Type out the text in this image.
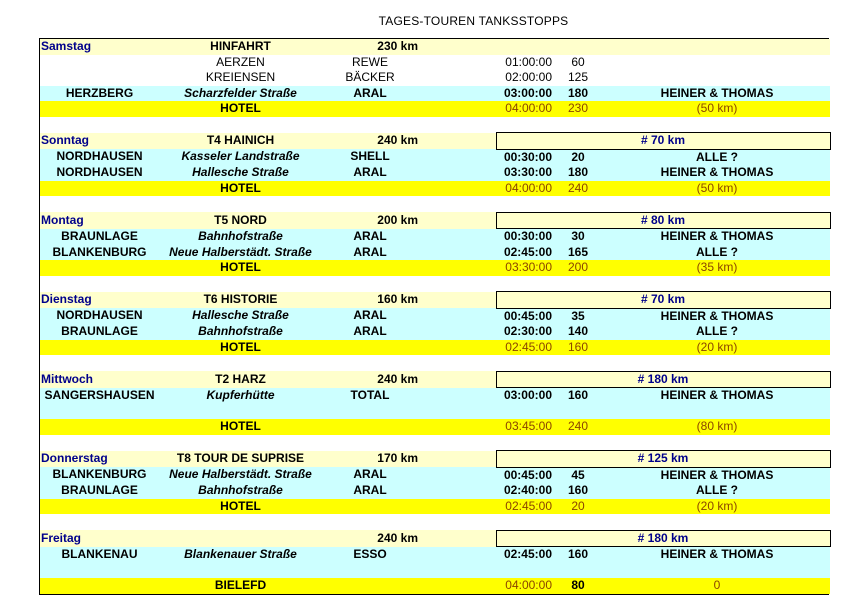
TAGES-TOUREN TANKSSTOPPS
Samstag	HINFAHRT	230 km				
	AERZEN	REWE		01:00:00	60	
	KREIENSEN	BÄCKER		02:00:00	125	
HERZBERG	Scharzfelder Straße	ARAL		03:00:00	180	HEINER & THOMAS
	HOTEL			04:00:00	230	(50 km)

Sonntag	T4 HAINICH	240 km		# 70 km		
NORDHAUSEN	Kasseler Landstraße	SHELL		00:30:00	20	ALLE ?
NORDHAUSEN	Hallesche Straße	ARAL		03:30:00	180	HEINER & THOMAS
	HOTEL			04:00:00	240	(50 km)

Montag	T5 NORD	200 km		# 80 km		
BRAUNLAGE	Bahnhofstraße	ARAL		00:30:00	30	HEINER & THOMAS
BLANKENBURG	Neue Halberstädt. Straße	ARAL		02:45:00	165	ALLE ?
	HOTEL			03:30:00	200	(35 km)

Dienstag	T6 HISTORIE	160 km		# 70 km		
NORDHAUSEN	Hallesche Straße	ARAL		00:45:00	35	HEINER & THOMAS
BRAUNLAGE	Bahnhofstraße	ARAL		02:30:00	140	ALLE ?
	HOTEL			02:45:00	160	(20 km)

Mittwoch	T2 HARZ	240 km		# 180 km		
SANGERSHAUSEN	Kupferhütte	TOTAL		03:00:00	160	HEINER & THOMAS

	HOTEL			03:45:00	240	(80 km)

Donnerstag	T8 TOUR DE SUPRISE	170 km		# 125 km		
BLANKENBURG	Neue Halberstädt. Straße	ARAL		00:45:00	45	HEINER & THOMAS
BRAUNLAGE	Bahnhofstraße	ARAL		02:40:00	160	ALLE ?
	HOTEL			02:45:00	20	(20 km)

Freitag		240 km		# 180 km		
BLANKENAU	Blankenauer Straße	ESSO		02:45:00	160	HEINER & THOMAS

	BIELEFD			04:00:00	80	0
